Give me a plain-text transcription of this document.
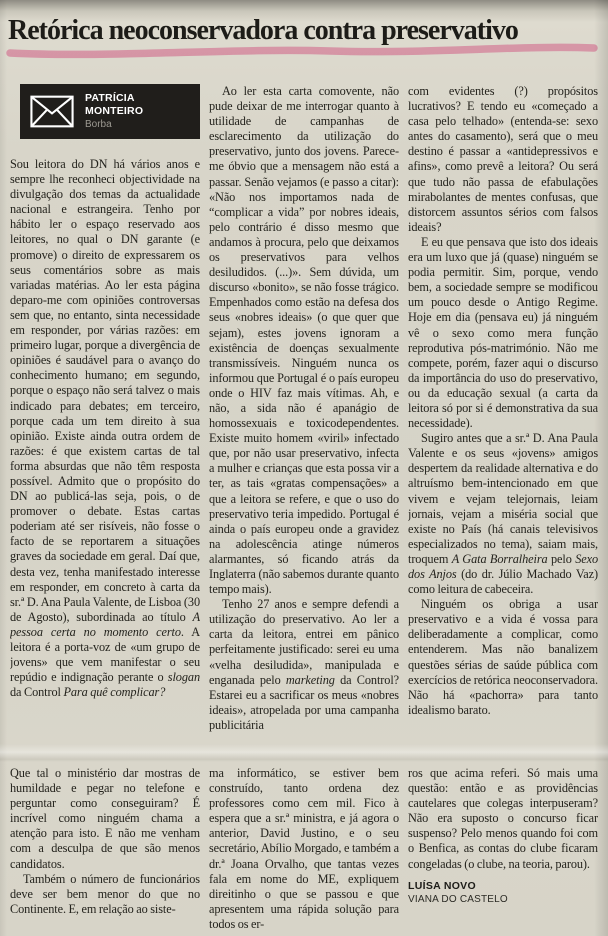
Retórica neoconservadora contra preservativo
PATRÍCIA
MONTEIRO
Borba

Sou leitora do DN há vários anos e sempre lhe reconheci objectividade na divulgação dos temas da actualidade nacional e estrangeira. Tenho por hábito ler o espaço reservado aos leitores, no qual o DN garante (e promove) o direito de expressarem os seus comentários sobre as mais variadas matérias. Ao ler esta página deparo-me com opiniões controversas sem que, no entanto, sinta necessidade em responder, por várias razões: em primeiro lugar, porque a divergência de opiniões é saudável para o avanço do conhecimento humano; em segundo, porque o espaço não será talvez o mais indicado para debates; em terceiro, porque cada um tem direito à sua opinião. Existe ainda outra ordem de razões: é que existem cartas de tal forma absurdas que não têm resposta possível. Admito que o propósito do DN ao publicá-las seja, pois, o de promover o debate. Estas cartas poderiam até ser risíveis, não fosse o facto de se reportarem a situações graves da sociedade em geral. Daí que, desta vez, tenha manifestado interesse em responder, em concreto à carta da sr.ª D. Ana Paula Valente, de Lisboa (30 de Agosto), subordinada ao título A pessoa certa no momento certo. A leitora é a porta-voz de «um grupo de jovens» que vem manifestar o seu repúdio e indignação perante o slogan da Control Para quê complicar?

Ao ler esta carta comovente, não pude deixar de me interrogar quanto à utilidade de campanhas de esclarecimento da utilização do preservativo, junto dos jovens. Parece-me óbvio que a mensagem não está a passar. Senão vejamos (e passo a citar): «Não nos importamos nada de “complicar a vida” por nobres ideais, pelo contrário é disso mesmo que andamos à procura, pelo que deixamos os preservativos para velhos desiludidos. (...)». Sem dúvida, um discurso «bonito», se não fosse trágico. Empenhados como estão na defesa dos seus «nobres ideais» (o que quer que sejam), estes jovens ignoram a existência de doenças sexualmente transmissíveis. Ninguém nunca os informou que Portugal é o país europeu onde o HIV faz mais vítimas. Ah, e não, a sida não é apanágio de homossexuais e toxicodependentes. Existe muito homem «viril» infectado que, por não usar preservativo, infecta a mulher e crianças que esta possa vir a ter, as tais «gratas compensações» a que a leitora se refere, e que o uso do preservativo teria impedido. Portugal é ainda o país europeu onde a gravidez na adolescência atinge números alarmantes, só ficando atrás da Inglaterra (não sabemos durante quanto tempo mais).

Tenho 27 anos e sempre defendi a utilização do preservativo. Ao ler a carta da leitora, entrei em pânico perfeitamente justificado: serei eu uma «velha desiludida», manipulada e enganada pelo marketing da Control? Estarei eu a sacrificar os meus «nobres ideais», atropelada por uma campanha publicitária

com evidentes (?) propósitos lucrativos? E tendo eu «começado a casa pelo telhado» (entenda-se: sexo antes do casamento), será que o meu destino é passar a «antidepressivos e afins», como prevê a leitora? Ou será que tudo não passa de efabulações mirabolantes de mentes confusas, que distorcem assuntos sérios com falsos ideais?

E eu que pensava que isto dos ideais era um luxo que já (quase) ninguém se podia permitir. Sim, porque, vendo bem, a sociedade sempre se modificou um pouco desde o Antigo Regime. Hoje em dia (pensava eu) já ninguém vê o sexo como mera função reprodutiva pós-matrimónio. Não me compete, porém, fazer aqui o discurso da importância do uso do preservativo, ou da educação sexual (a carta da leitora só por si é demonstrativa da sua necessidade).

Sugiro antes que a sr.ª D. Ana Paula Valente e os seus «jovens» amigos despertem da realidade alternativa e do altruísmo bem-intencionado em que vivem e vejam telejornais, leiam jornais, vejam a miséria social que existe no País (há canais televisivos especializados no tema), saiam mais, troquem A Gata Borralheira pelo Sexo dos Anjos (do dr. Júlio Machado Vaz) como leitura de cabeceira.

Ninguém os obriga a usar preservativo e a vida é vossa para deliberadamente a complicar, como entenderem. Mas não banalizem questões sérias de saúde pública com exercícios de retórica neoconservadora. Não há «pachorra» para tanto idealismo barato.

Que tal o ministério dar mostras de humildade e pegar no telefone e perguntar como conseguiram? É incrível como ninguém chama a atenção para isto. E não me venham com a desculpa de que são menos candidatos.

Também o número de funcionários deve ser bem menor do que no Continente. E, em relação ao siste-

ma informático, se estiver bem construído, tanto ordena dez professores como cem mil. Fico à espera que a sr.ª ministra, e já agora o anterior, David Justino, e o seu secretário, Abílio Morgado, e também a dr.ª Joana Orvalho, que tantas vezes fala em nome do ME, expliquem direitinho o que se passou e que apresentem uma rápida solução para todos os er-

ros que acima referi. Só mais uma questão: então e as providências cautelares que colegas interpuseram? Não era suposto o concurso ficar suspenso? Pelo menos quando foi com o Benfica, as contas do clube ficaram congeladas (o clube, na teoria, parou).

LUÍSA NOVO
VIANA DO CASTELO
